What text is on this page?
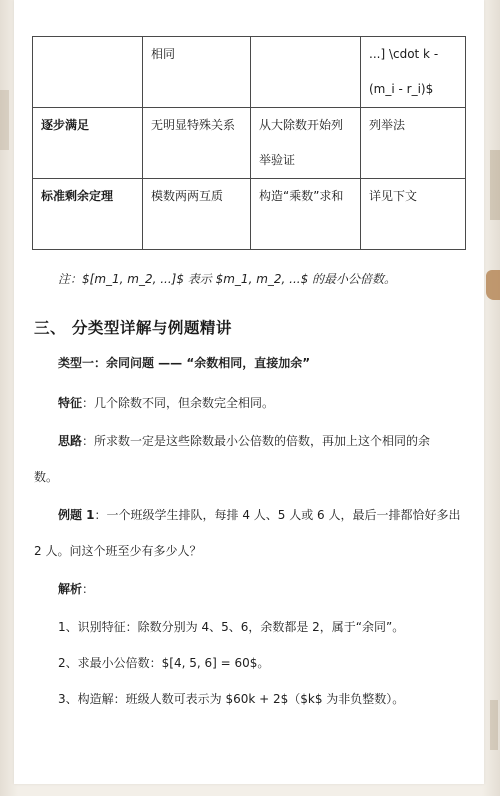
	相同		...] \cdot k - (m_i - r_i)$
逐步满足	无明显特殊关系	从大除数开始列举验证	列举法
标准剩余定理	模数两两互质	构造“乘数”求和	详见下文
注：$[m_1, m_2, ...]$ 表示 $m_1, m_2, ...$ 的最小公倍数。
三、 分类型详解与例题精讲
类型一：余同问题 —— “余数相同，直接加余”
特征：几个除数不同，但余数完全相同。
思路：所求数一定是这些除数最小公倍数的倍数，再加上这个相同的余
数。
例题 1：一个班级学生排队，每排 4 人、5 人或 6 人，最后一排都恰好多出
2 人。问这个班至少有多少人？
解析：
1、识别特征：除数分别为 4、5、6，余数都是 2，属于“余同”。
2、求最小公倍数：$[4, 5, 6] = 60$。
3、构造解：班级人数可表示为 $60k + 2$（$k$ 为非负整数）。
